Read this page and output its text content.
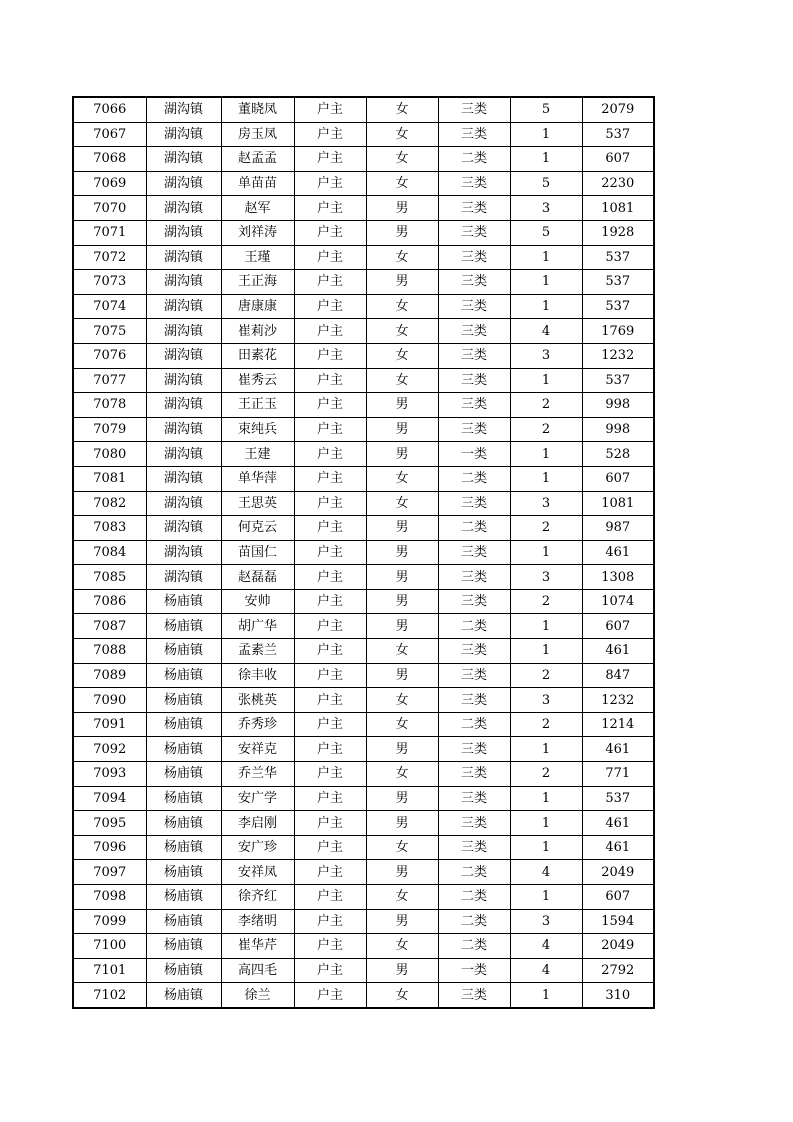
7066	湖沟镇	董晓凤	户主	女	三类	5	2079
7067	湖沟镇	房玉凤	户主	女	三类	1	537
7068	湖沟镇	赵孟孟	户主	女	二类	1	607
7069	湖沟镇	单苗苗	户主	女	三类	5	2230
7070	湖沟镇	赵军	户主	男	三类	3	1081
7071	湖沟镇	刘祥涛	户主	男	三类	5	1928
7072	湖沟镇	王瑾	户主	女	三类	1	537
7073	湖沟镇	王正海	户主	男	三类	1	537
7074	湖沟镇	唐康康	户主	女	三类	1	537
7075	湖沟镇	崔莉沙	户主	女	三类	4	1769
7076	湖沟镇	田素花	户主	女	三类	3	1232
7077	湖沟镇	崔秀云	户主	女	三类	1	537
7078	湖沟镇	王正玉	户主	男	三类	2	998
7079	湖沟镇	束纯兵	户主	男	三类	2	998
7080	湖沟镇	王建	户主	男	一类	1	528
7081	湖沟镇	单华萍	户主	女	二类	1	607
7082	湖沟镇	王思英	户主	女	三类	3	1081
7083	湖沟镇	何克云	户主	男	二类	2	987
7084	湖沟镇	苗国仁	户主	男	三类	1	461
7085	湖沟镇	赵磊磊	户主	男	三类	3	1308
7086	杨庙镇	安帅	户主	男	三类	2	1074
7087	杨庙镇	胡广华	户主	男	二类	1	607
7088	杨庙镇	孟素兰	户主	女	三类	1	461
7089	杨庙镇	徐丰收	户主	男	三类	2	847
7090	杨庙镇	张桃英	户主	女	三类	3	1232
7091	杨庙镇	乔秀珍	户主	女	二类	2	1214
7092	杨庙镇	安祥克	户主	男	三类	1	461
7093	杨庙镇	乔兰华	户主	女	三类	2	771
7094	杨庙镇	安广学	户主	男	三类	1	537
7095	杨庙镇	李启刚	户主	男	三类	1	461
7096	杨庙镇	安广珍	户主	女	三类	1	461
7097	杨庙镇	安祥凤	户主	男	二类	4	2049
7098	杨庙镇	徐齐红	户主	女	二类	1	607
7099	杨庙镇	李绪明	户主	男	二类	3	1594
7100	杨庙镇	崔华芹	户主	女	二类	4	2049
7101	杨庙镇	高四毛	户主	男	一类	4	2792
7102	杨庙镇	徐兰	户主	女	三类	1	310
